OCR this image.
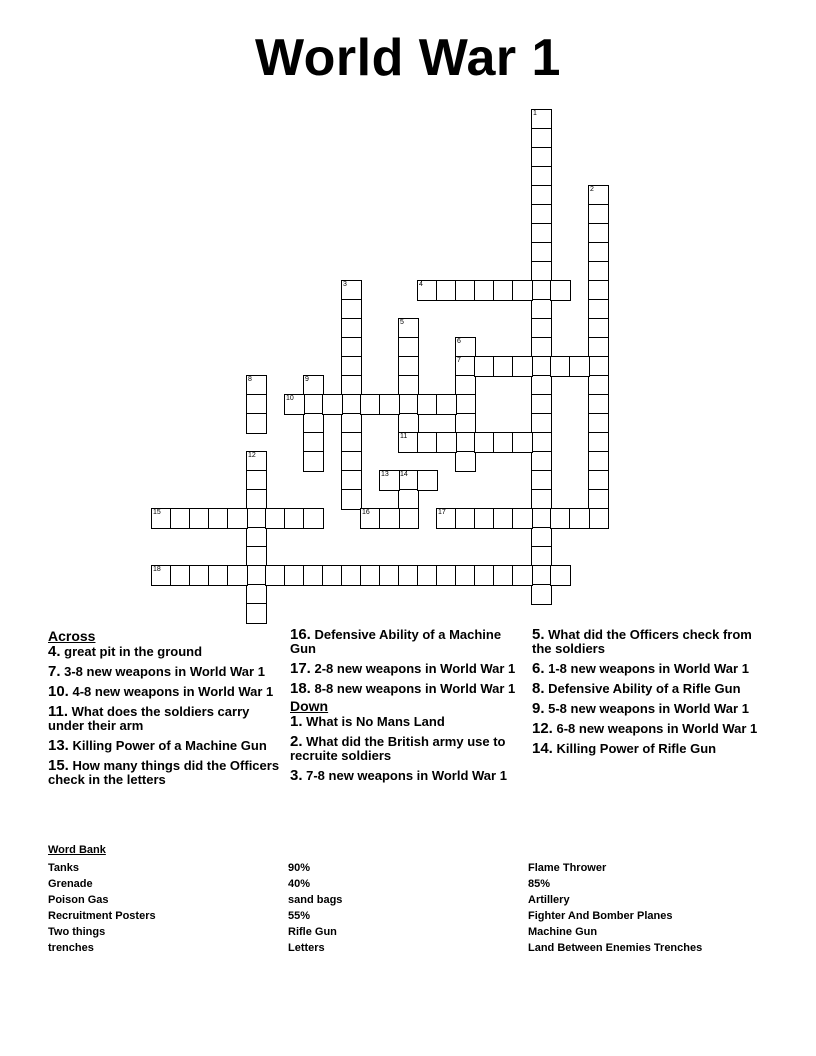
World War 1
1
2
3
5
11
6
7
8	9
12
14
4
10
13
15	16	17
18
Across
4. great pit in the ground
7. 3-8 new weapons in World War 1
10. 4-8 new weapons in World War 1
11. What does the soldiers carry under their arm
13. Killing Power of a Machine Gun
15. How many things did the Officers check in the letters
16. Defensive Ability of a Machine Gun
17. 2-8 new weapons in World War 1
18. 8-8 new weapons in World War 1
Down
1. What is No Mans Land
2. What did the British army use to recruite soldiers
3. 7-8 new weapons in World War 1
5. What did the Officers check from the soldiers
6. 1-8 new weapons in World War 1
8. Defensive Ability of a Rifle Gun
9. 5-8 new weapons in World War 1
12. 6-8 new weapons in World War 1
14. Killing Power of Rifle Gun
Word Bank
Tanks
Grenade
Poison Gas
Recruitment Posters
Two things
trenches
90%
40%
sand bags
55%
Rifle Gun
Letters
Flame Thrower
85%
Artillery
Fighter And Bomber Planes
Machine Gun
Land Between Enemies Trenches
